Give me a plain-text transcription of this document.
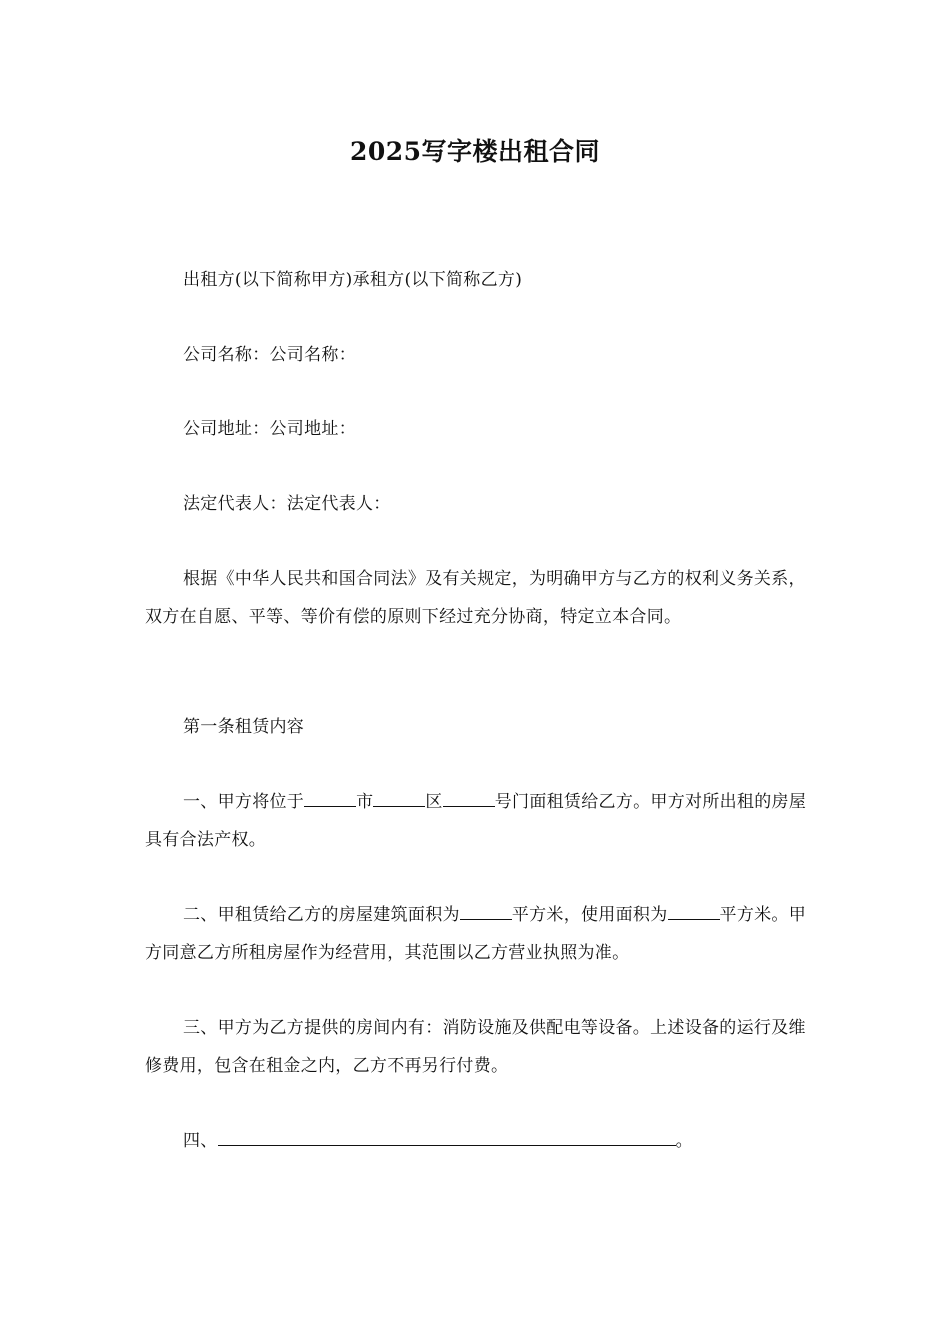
2025写字楼出租合同
出租方(以下简称甲方)承租方(以下简称乙方)
公司名称：公司名称：
公司地址：公司地址：
法定代表人：法定代表人：
根据《中华人民共和国合同法》及有关规定，为明确甲方与乙方的权利义务关系，双方在自愿、平等、等价有偿的原则下经过充分协商，特定立本合同。
第一条租赁内容
一、甲方将位于	市	区	号门面租赁给乙方。甲方对所出租的房屋具有合法产权。
二、甲租赁给乙方的房屋建筑面积为	平方米，使用面积为	平方米。甲方同意乙方所租房屋作为经营用，其范围以乙方营业执照为准。
三、甲方为乙方提供的房间内有：消防设施及供配电等设备。上述设备的运行及维修费用，包含在租金之内，乙方不再另行付费。
四、	。
